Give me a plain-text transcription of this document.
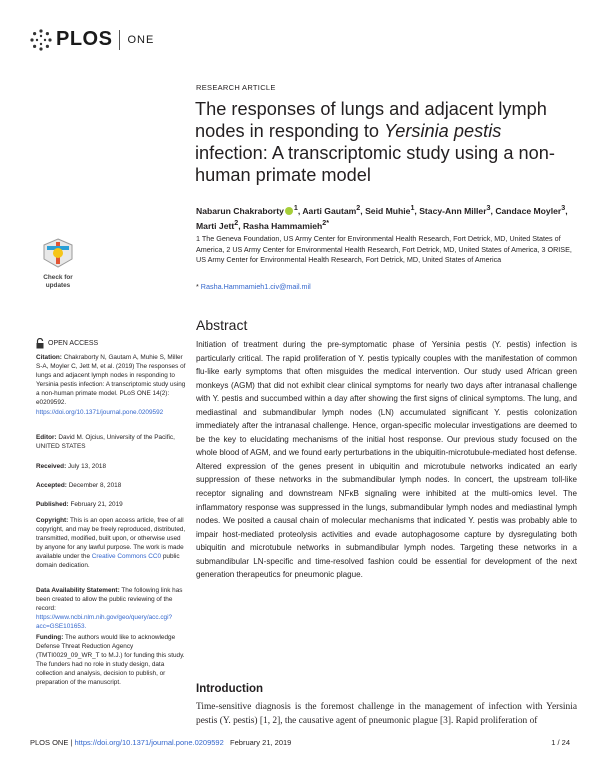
PLOS ONE
RESEARCH ARTICLE
The responses of lungs and adjacent lymph nodes in responding to Yersinia pestis infection: A transcriptomic study using a non-human primate model
Nabarun Chakraborty $^1$, Aarti Gautam$^2$, Seid Muhie$^1$, Stacy-Ann Miller$^3$, Candace Moyler$^3$, Marti Jett$^2$, Rasha Hammamieh$^{2*}$
1 The Geneva Foundation, US Army Center for Environmental Health Research, Fort Detrick, MD, United States of America, 2 US Army Center for Environmental Health Research, Fort Detrick, MD, United States of America, 3 ORISE, US Army Center for Environmental Health Research, Fort Detrick, MD, United States of America
* Rasha.Hammamieh1.civ@mail.mil
Check for updates
OPEN ACCESS
Citation: Chakraborty N, Gautam A, Muhie S, Miller S-A, Moyler C, Jett M, et al. (2019) The responses of lungs and adjacent lymph nodes in responding to Yersinia pestis infection: A transcriptomic study using a non-human primate model. PLoS ONE 14(2): e0209592. https://doi.org/10.1371/journal.pone.0209592
Editor: David M. Ojcius, University of the Pacific, UNITED STATES
Received: July 13, 2018
Accepted: December 8, 2018
Published: February 21, 2019
Copyright: This is an open access article, free of all copyright, and may be freely reproduced, distributed, transmitted, modified, built upon, or otherwise used by anyone for any lawful purpose. The work is made available under the Creative Commons CC0 public domain dedication.
Data Availability Statement: The following link has been created to allow the public reviewing of the record: https://www.ncbi.nlm.nih.gov/geo/query/acc.cgi?acc=GSE101653.
Funding: The authors would like to acknowledge Defense Threat Reduction Agency (TMTI0029_09_WR_T to M.J.) for funding this study. The funders had no role in study design, data collection and analysis, decision to publish, or preparation of the manuscript.
Abstract
Initiation of treatment during the pre-symptomatic phase of Yersinia pestis (Y. pestis) infection is particularly critical. The rapid proliferation of Y. pestis typically couples with the manifestation of common flu-like early symptoms that often misguides the medical intervention. Our study used African green monkeys (AGM) that did not exhibit clear clinical symptoms for nearly two days after intranasal challenge with Y. pestis and succumbed within a day after showing the first signs of clinical symptoms. The lung, and mediastinal and submandibular lymph nodes (LN) accumulated significant Y. pestis colonization immediately after the intranasal challenge. Hence, organ-specific molecular investigations are deemed to be the key to elucidating mechanisms of the initial host response. Our previous study focused on the whole blood of AGM, and we found early perturbations in the ubiquitin-microtubule-mediated host defense. Altered expression of the genes present in ubiquitin and microtubule networks indicated an early suppression of these networks in the submandibular lymph nodes. In concert, the upstream toll-like receptor signaling and downstream NFκB signaling were inhibited at the multi-omics level. The inflammatory response was suppressed in the lungs, submandibular lymph nodes and mediastinal lymph nodes. We posited a causal chain of molecular mechanisms that indicated Y. pestis was probably able to impair host-mediated proteolysis activities and evade autophagosome capture by dysregulating both ubiquitin and microtubule networks in submandibular lymph nodes. Targeting these networks in a submandibular LN-specific and time-resolved fashion could be essential for development of the next generation therapeutics for pneumonic plague.
Introduction
Time-sensitive diagnosis is the foremost challenge in the management of infection with Yersinia pestis (Y. pestis) [1, 2], the causative agent of pneumonic plague [3]. Rapid proliferation of
PLOS ONE | https://doi.org/10.1371/journal.pone.0209592 February 21, 2019	1 / 24
